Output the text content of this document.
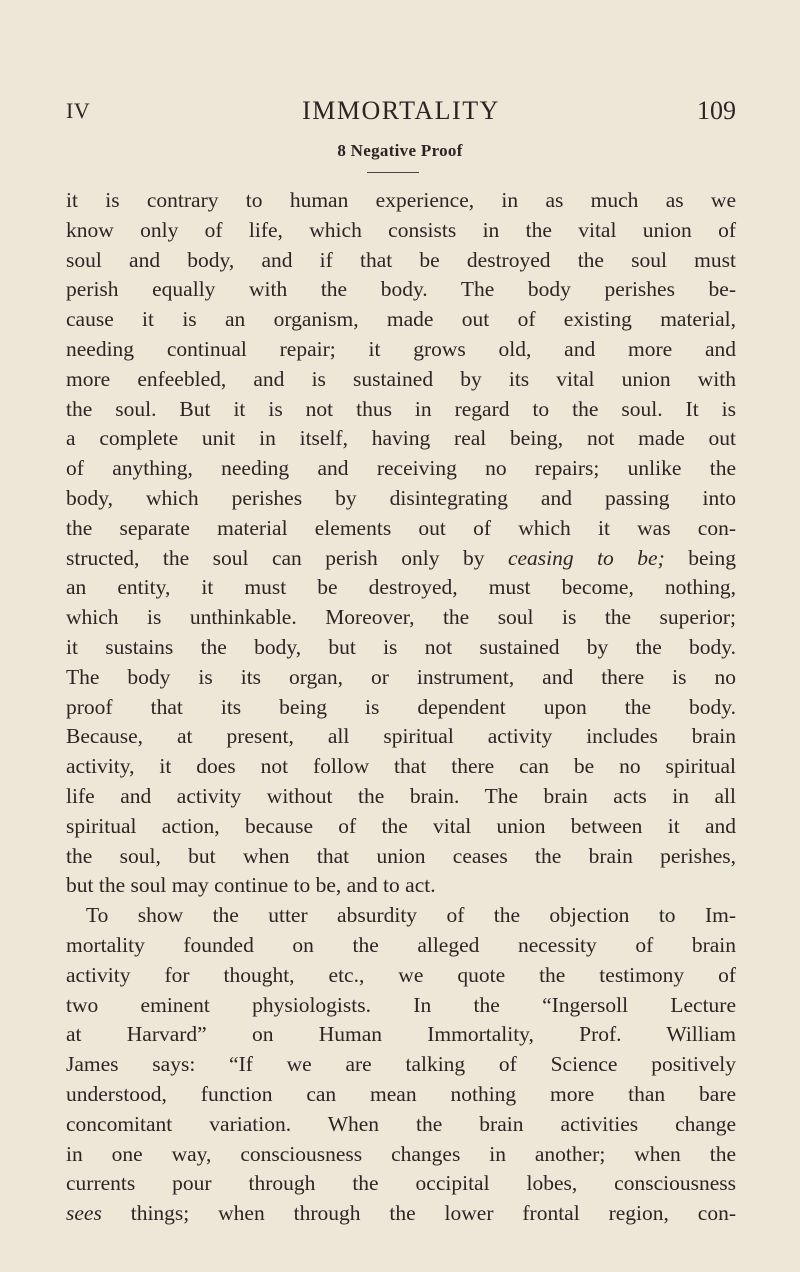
IV	IMMORTALITY	109
8 Negative Proof
it is contrary to human experience, in as much as we
know only of life, which consists in the vital union of
soul and body, and if that be destroyed the soul must
perish equally with the body. The body perishes be-
cause it is an organism, made out of existing material,
needing continual repair; it grows old, and more and
more enfeebled, and is sustained by its vital union with
the soul. But it is not thus in regard to the soul. It is
a complete unit in itself, having real being, not made out
of anything, needing and receiving no repairs; unlike the
body, which perishes by disintegrating and passing into
the separate material elements out of which it was con-
structed, the soul can perish only by ceasing to be; being
an entity, it must be destroyed, must become, nothing,
which is unthinkable. Moreover, the soul is the superior;
it sustains the body, but is not sustained by the body.
The body is its organ, or instrument, and there is no
proof that its being is dependent upon the body.
Because, at present, all spiritual activity includes brain
activity, it does not follow that there can be no spiritual
life and activity without the brain. The brain acts in all
spiritual action, because of the vital union between it and
the soul, but when that union ceases the brain perishes,
but the soul may continue to be, and to act.
To show the utter absurdity of the objection to Im-
mortality founded on the alleged necessity of brain
activity for thought, etc., we quote the testimony of
two eminent physiologists. In the “Ingersoll Lecture
at Harvard” on Human Immortality, Prof. William
James says: “If we are talking of Science positively
understood, function can mean nothing more than bare
concomitant variation. When the brain activities change
in one way, consciousness changes in another; when the
currents pour through the occipital lobes, consciousness
sees things; when through the lower frontal region, con-
